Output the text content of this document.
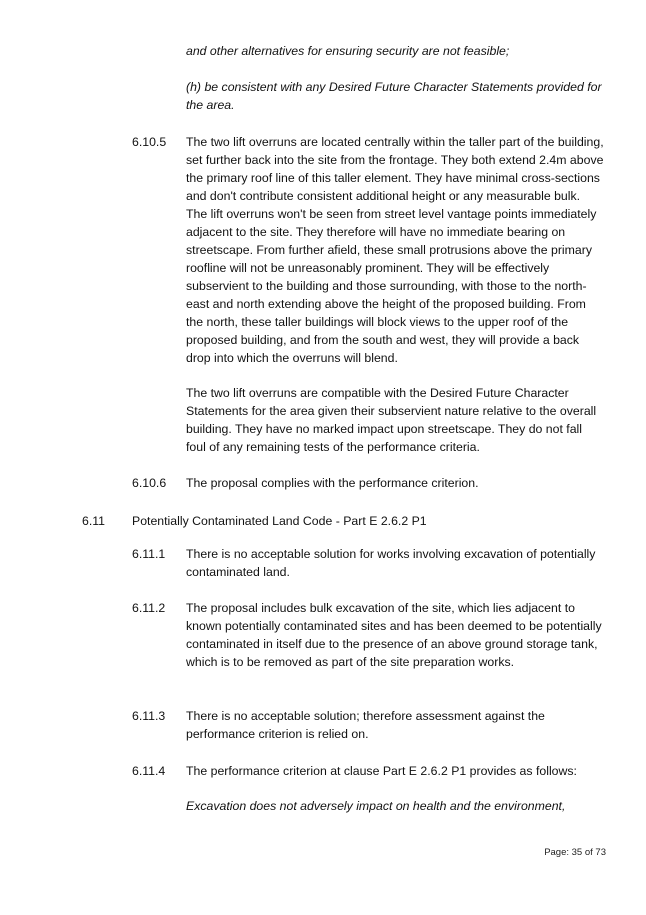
and other alternatives for ensuring security are not feasible;

(h) be consistent with any Desired Future Character Statements provided for the area.

6.10.5 The two lift overruns are located centrally within the taller part of the building, set further back into the site from the frontage. They both extend 2.4m above the primary roof line of this taller element. They have minimal cross-sections and don't contribute consistent additional height or any measurable bulk. The lift overruns won't be seen from street level vantage points immediately adjacent to the site. They therefore will have no immediate bearing on streetscape. From further afield, these small protrusions above the primary roofline will not be unreasonably prominent. They will be effectively subservient to the building and those surrounding, with those to the north-east and north extending above the height of the proposed building. From the north, these taller buildings will block views to the upper roof of the proposed building, and from the south and west, they will provide a back drop into which the overruns will blend.

The two lift overruns are compatible with the Desired Future Character Statements for the area given their subservient nature relative to the overall building. They have no marked impact upon streetscape. They do not fall foul of any remaining tests of the performance criteria.

6.10.6 The proposal complies with the performance criterion.

6.11 Potentially Contaminated Land Code - Part E 2.6.2 P1
6.11.1 There is no acceptable solution for works involving excavation of potentially contaminated land.

6.11.2 The proposal includes bulk excavation of the site, which lies adjacent to known potentially contaminated sites and has been deemed to be potentially contaminated in itself due to the presence of an above ground storage tank, which is to be removed as part of the site preparation works.

6.11.3 There is no acceptable solution; therefore assessment against the performance criterion is relied on.

6.11.4 The performance criterion at clause Part E 2.6.2 P1 provides as follows:

Excavation does not adversely impact on health and the environment,

Page: 35 of 73
